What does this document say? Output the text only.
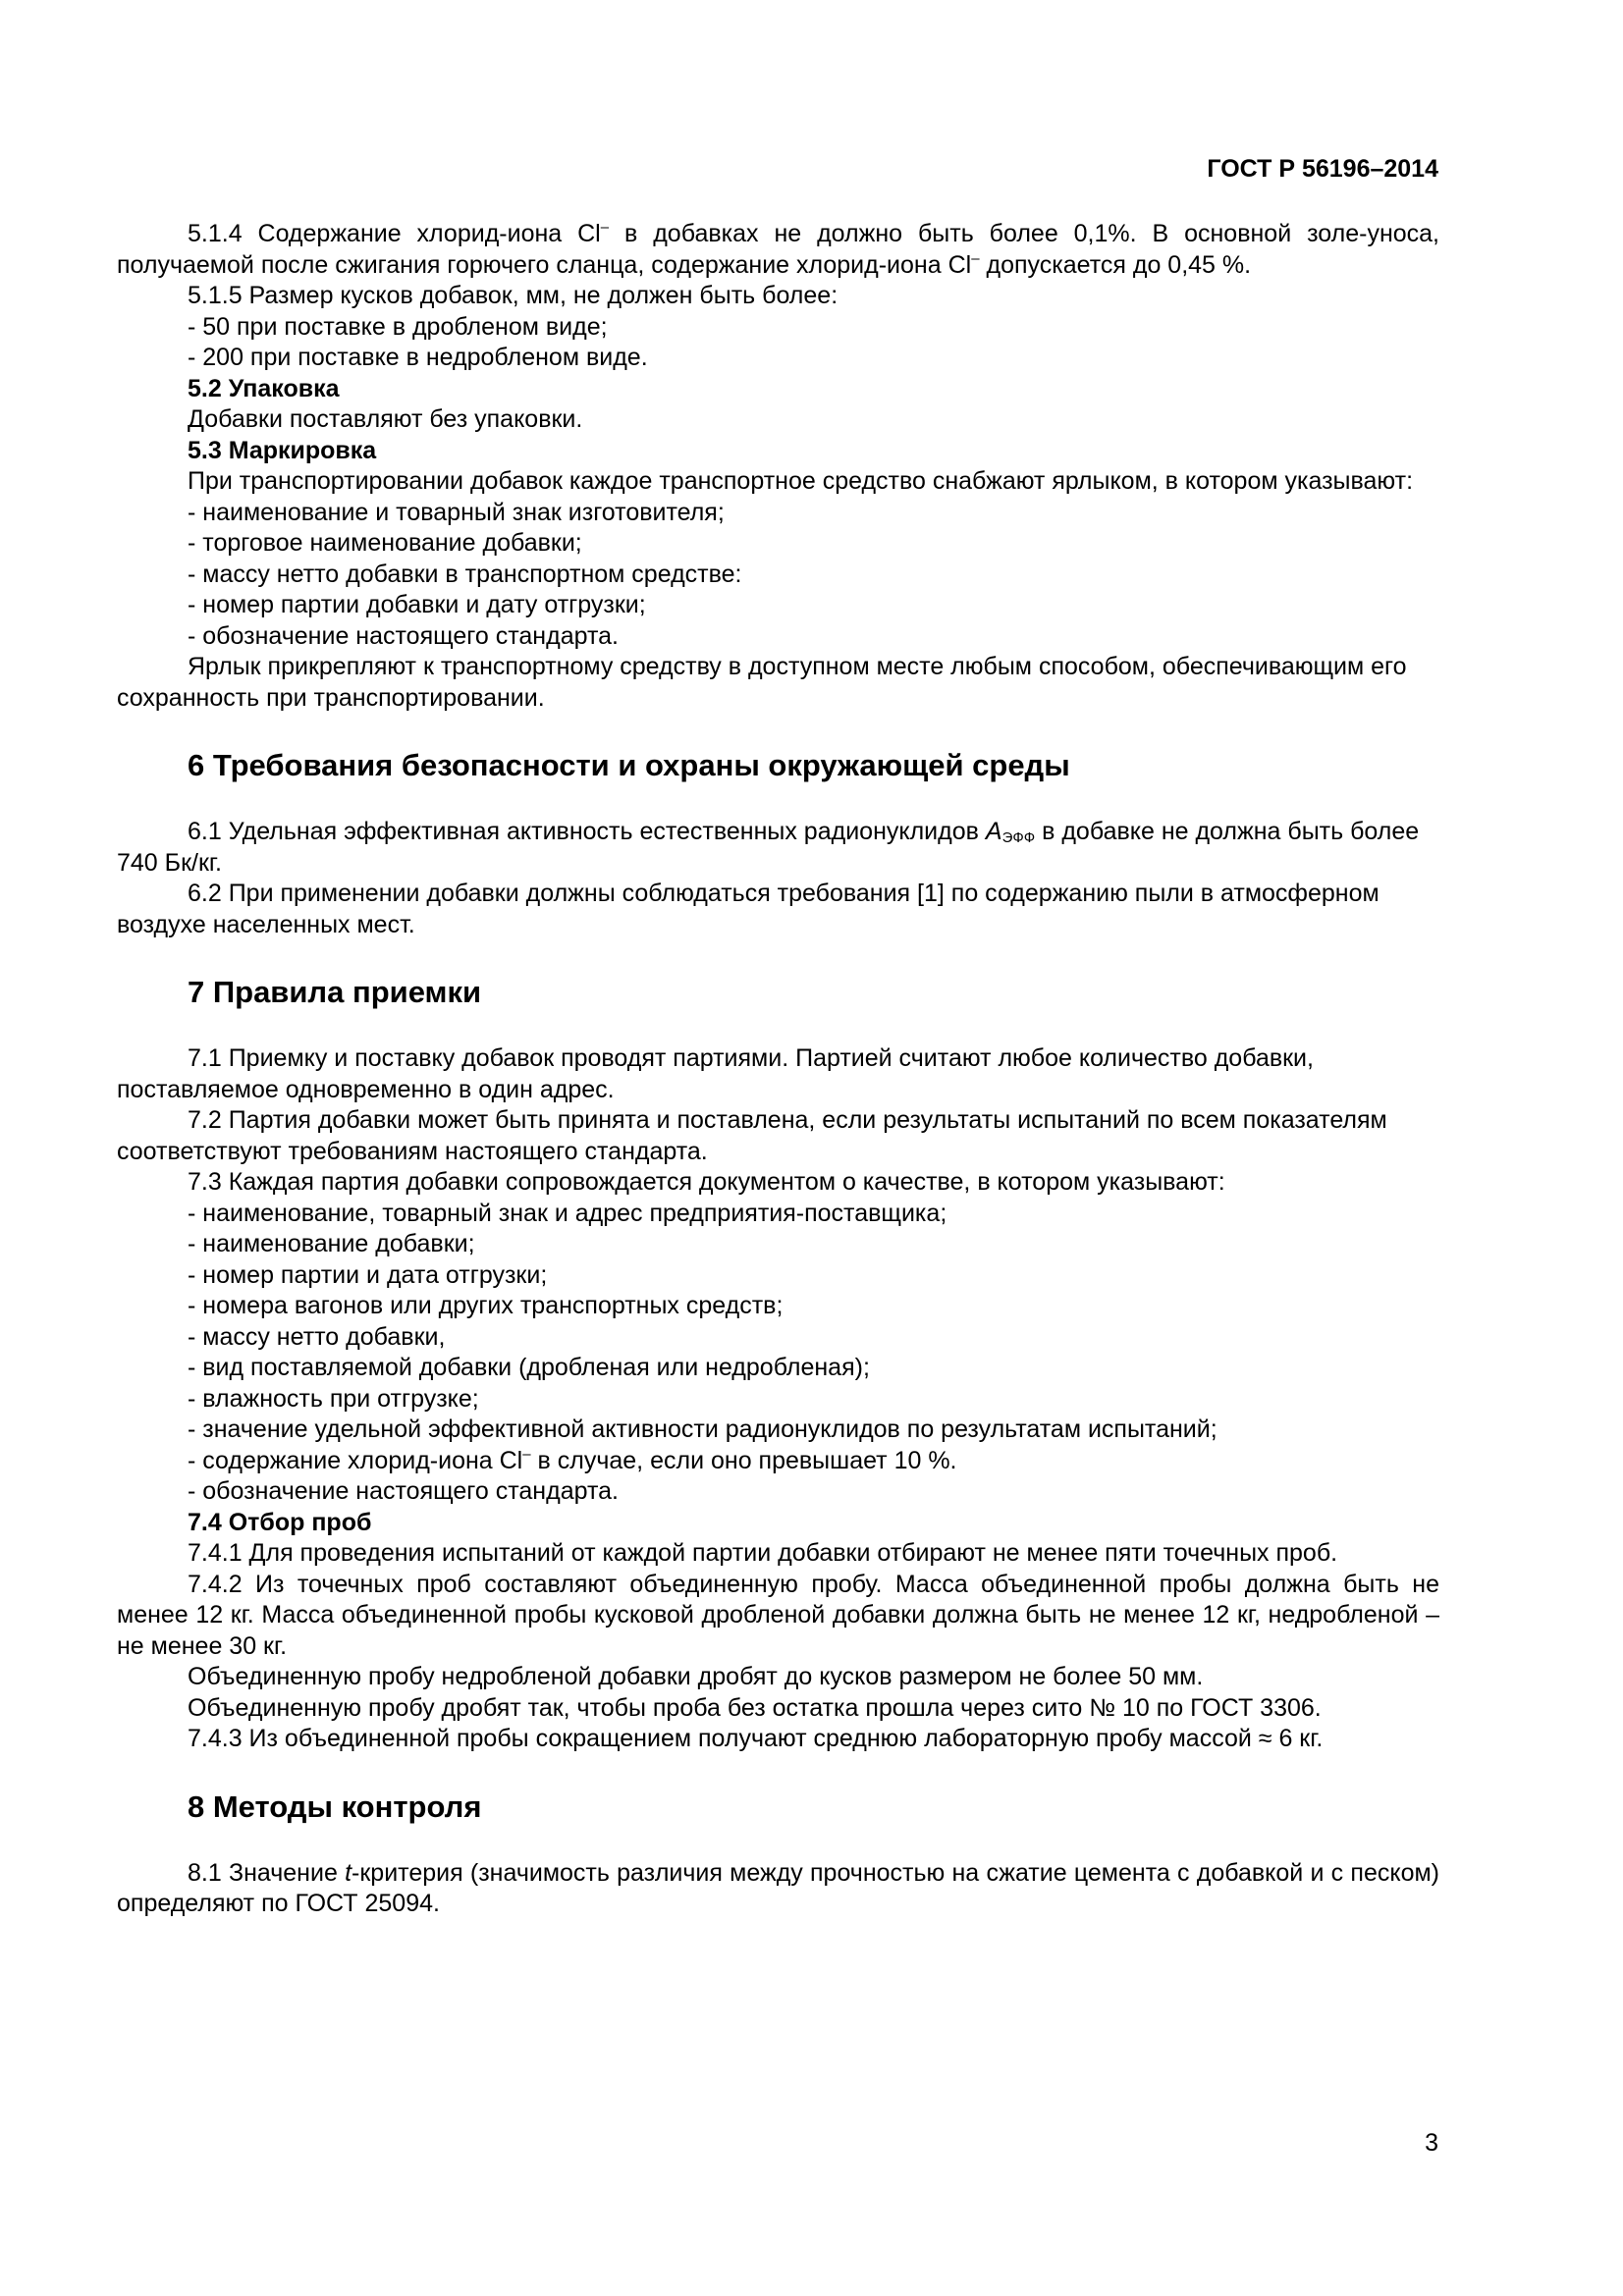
ГОСТ Р 56196–2014

5.1.4 Содержание хлорид-иона Cl– в добавках не должно быть более 0,1%. В основной золе-уноса, получаемой после сжигания горючего сланца, содержание хлорид-иона Cl– допускается до 0,45 %.

5.1.5 Размер кусков добавок, мм, не должен быть более:

- 50 при поставке в дробленом виде;
- 200 при поставке в недробленом виде.
5.2 Упаковка
Добавки поставляют без упаковки.
5.3 Маркировка

При транспортировании добавок каждое транспортное средство снабжают ярлыком, в котором указывают:

- наименование и товарный знак изготовителя;
- торговое наименование добавки;
- массу нетто добавки в транспортном средстве:
- номер партии добавки и дату отгрузки;
- обозначение настоящего стандарта.

Ярлык прикрепляют к транспортному средству в доступном месте любым способом, обеспечивающим его сохранность при транспортировании.

6 Требования безопасности и охраны окружающей среды

6.1 Удельная эффективная активность естественных радионуклидов $A_{ЭФФ}$ в добавке не должна быть более 740 Бк/кг.

6.2 При применении добавки должны соблюдаться требования [1] по содержанию пыли в атмосферном воздухе населенных мест.

7 Правила приемки

7.1 Приемку и поставку добавок проводят партиями. Партией считают любое количество добавки, поставляемое одновременно в один адрес.

7.2 Партия добавки может быть принята и поставлена, если результаты испытаний по всем показателям соответствуют требованиям настоящего стандарта.

7.3 Каждая партия добавки сопровождается документом о качестве, в котором указывают:

- наименование, товарный знак и адрес предприятия-поставщика;
- наименование добавки;
- номер партии и дата отгрузки;
- номера вагонов или других транспортных средств;
- массу нетто добавки,
- вид поставляемой добавки (дробленая или недробленая);
- влажность при отгрузке;
- значение удельной эффективной активности радионуклидов по результатам испытаний;
- содержание хлорид-иона Cl– в случае, если оно превышает 10 %.
- обозначение настоящего стандарта.
7.4 Отбор проб

7.4.1 Для проведения испытаний от каждой партии добавки отбирают не менее пяти точечных проб.

7.4.2 Из точечных проб составляют объединенную пробу. Масса объединенной пробы должна быть не менее 12 кг. Масса объединенной пробы кусковой дробленой добавки должна быть не менее 12 кг, недробленой – не менее 30 кг.

Объединенную пробу недробленой добавки дробят до кусков размером не более 50 мм.

Объединенную пробу дробят так, чтобы проба без остатка прошла через сито № 10 по ГОСТ 3306.

7.4.3 Из объединенной пробы сокращением получают среднюю лабораторную пробу массой ≈ 6 кг.

8 Методы контроля

8.1 Значение t-критерия (значимость различия между прочностью на сжатие цемента с добавкой и с песком) определяют по ГОСТ 25094.

3
